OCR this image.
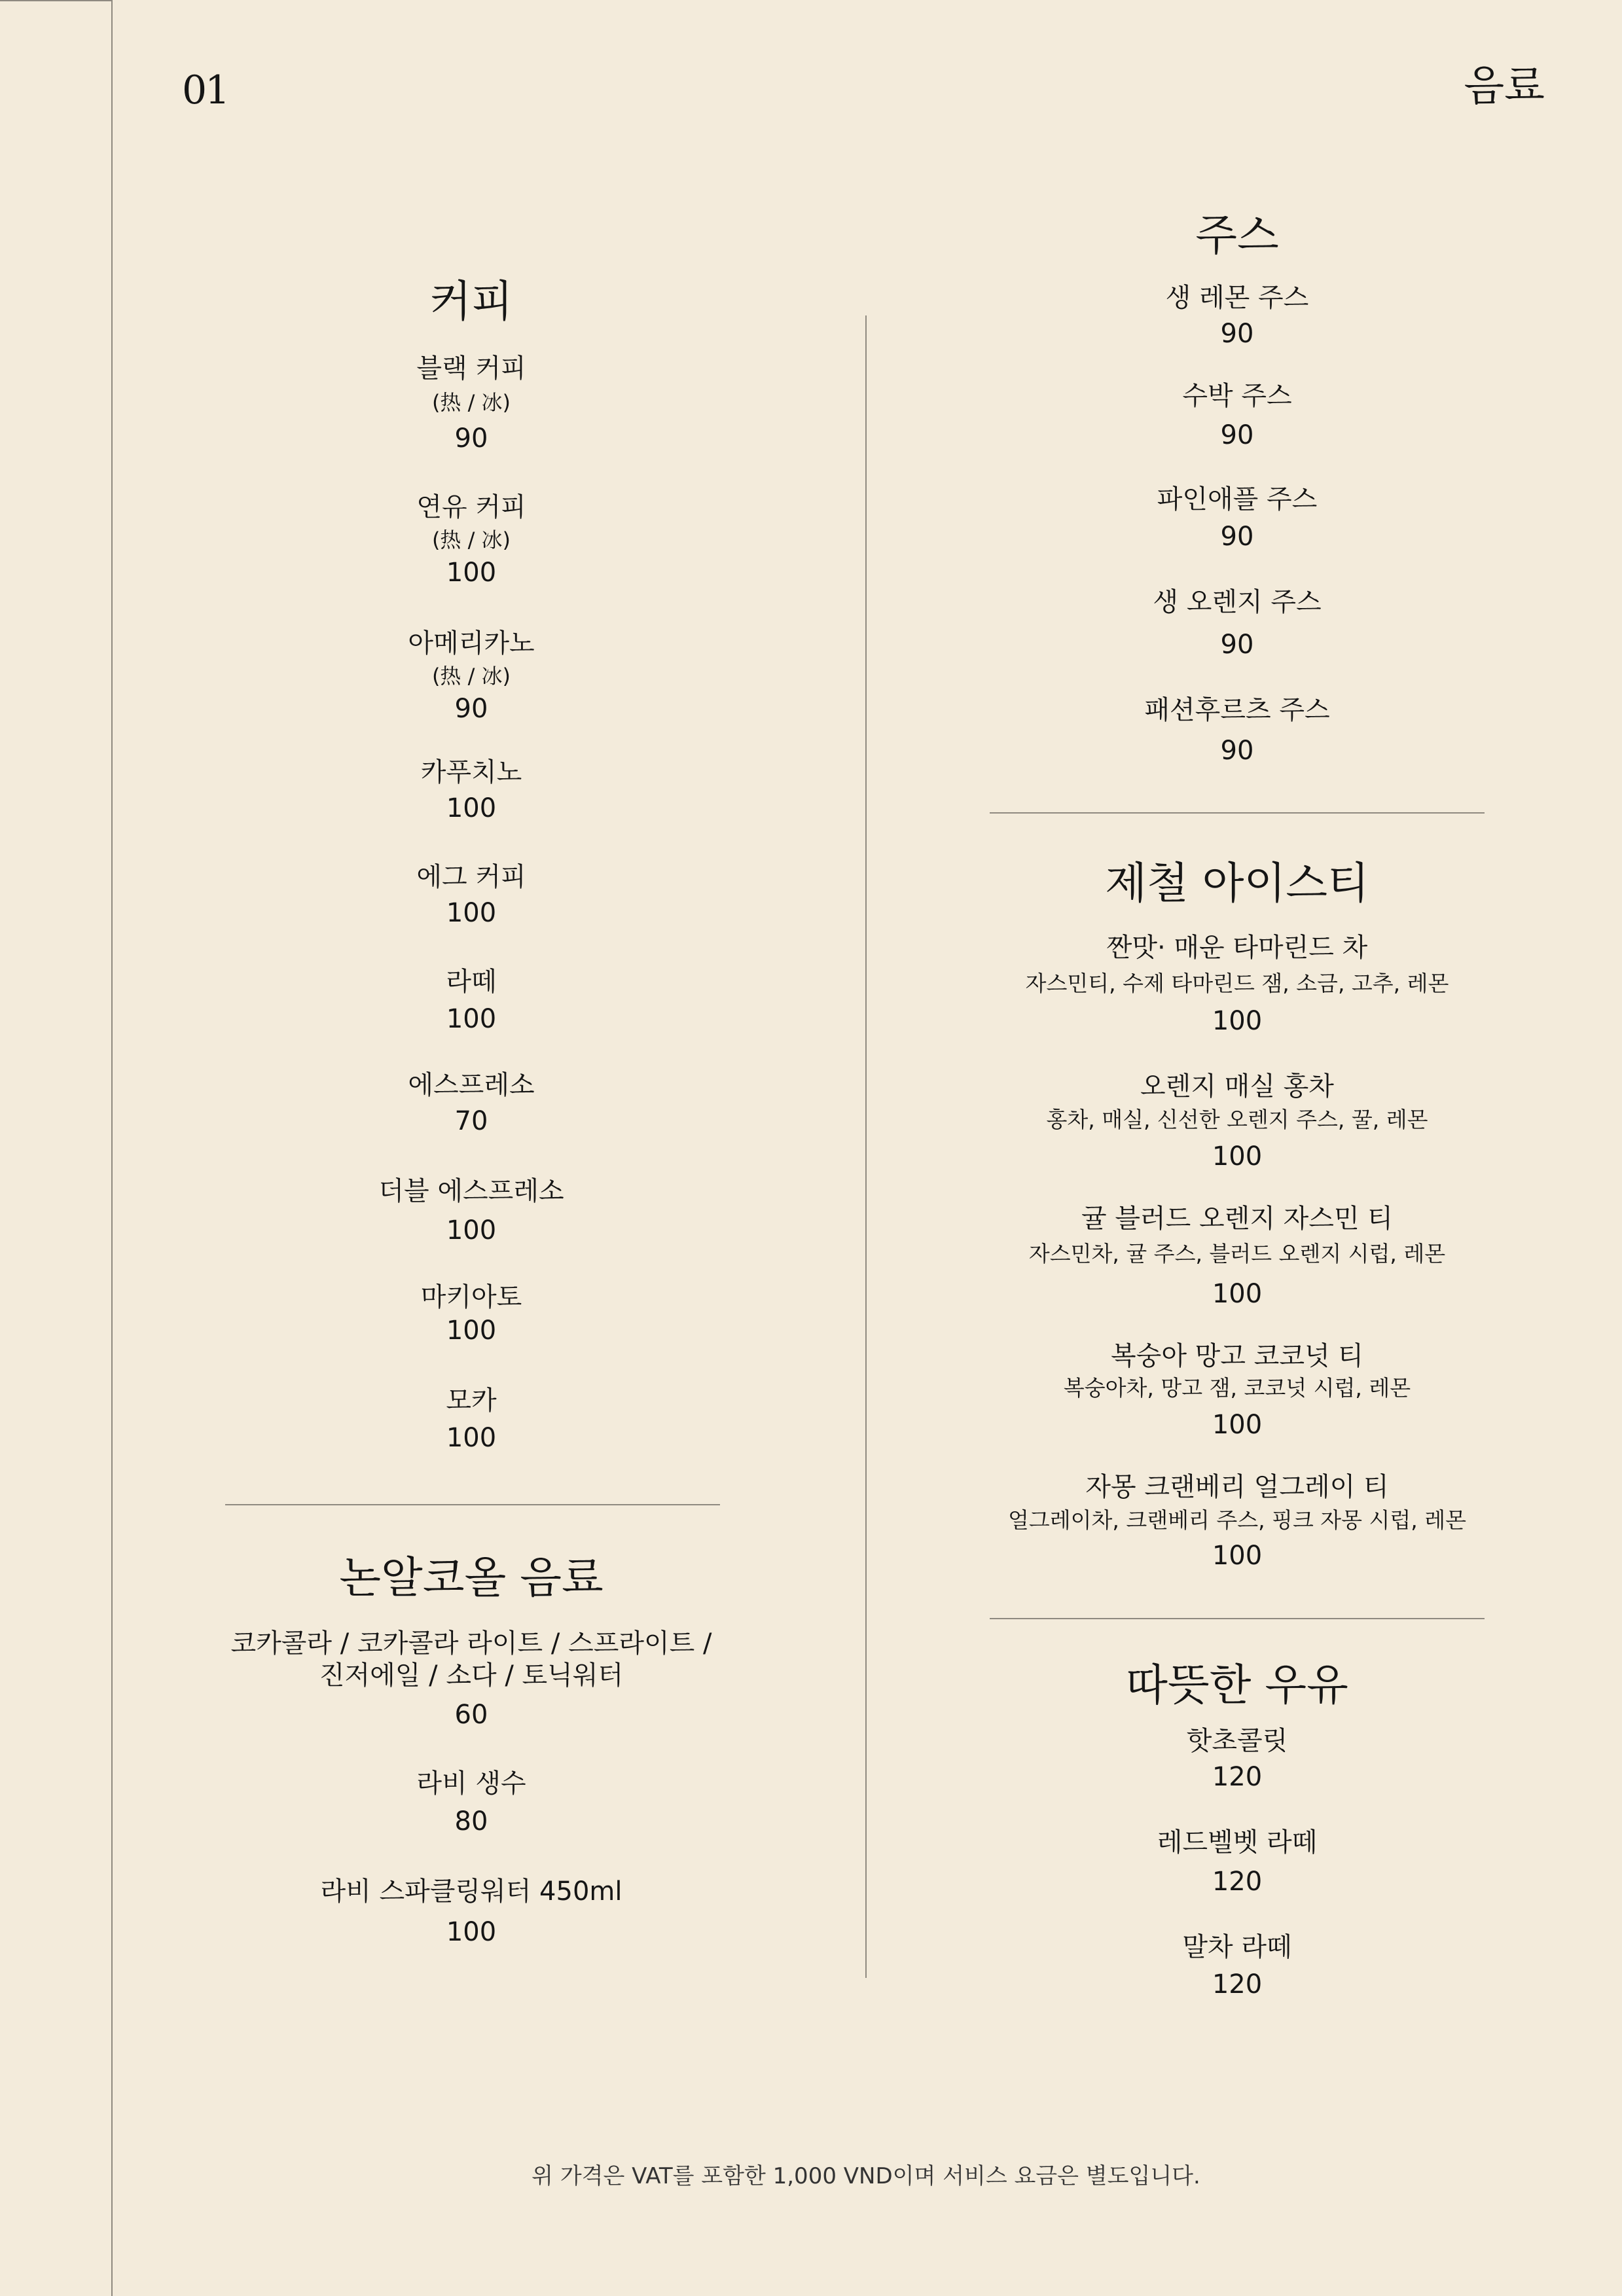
01	음료
커피
블랙 커피
(热 / 冰)
90
연유 커피
(热 / 冰)
100
아메리카노
(热 / 冰)
90
카푸치노
100
에그 커피
100
라떼
100
에스프레소
70
더블 에스프레소
100
마키아토
100
모카
100
논알코올 음료
코카콜라 / 코카콜라 라이트 / 스프라이트 /
진저에일 / 소다 / 토닉워터
60
라비 생수
80
라비 스파클링워터 450ml
100
주스
생 레몬 주스
90
수박 주스
90
파인애플 주스
90
생 오렌지 주스
90
패션후르츠 주스
90
제철 아이스티
짠맛· 매운 타마린드 차
자스민티, 수제 타마린드 잼, 소금, 고추, 레몬
100
오렌지 매실 홍차
홍차, 매실, 신선한 오렌지 주스, 꿀, 레몬
100
귤 블러드 오렌지 자스민 티
자스민차, 귤 주스, 블러드 오렌지 시럽, 레몬
100
복숭아 망고 코코넛 티
복숭아차, 망고 잼, 코코넛 시럽, 레몬
100
자몽 크랜베리 얼그레이 티
얼그레이차, 크랜베리 주스, 핑크 자몽 시럽, 레몬
100
따뜻한 우유
핫초콜릿
120
레드벨벳 라떼
120
말차 라떼
120
위 가격은 VAT를 포함한 1,000 VND이며 서비스 요금은 별도입니다.
